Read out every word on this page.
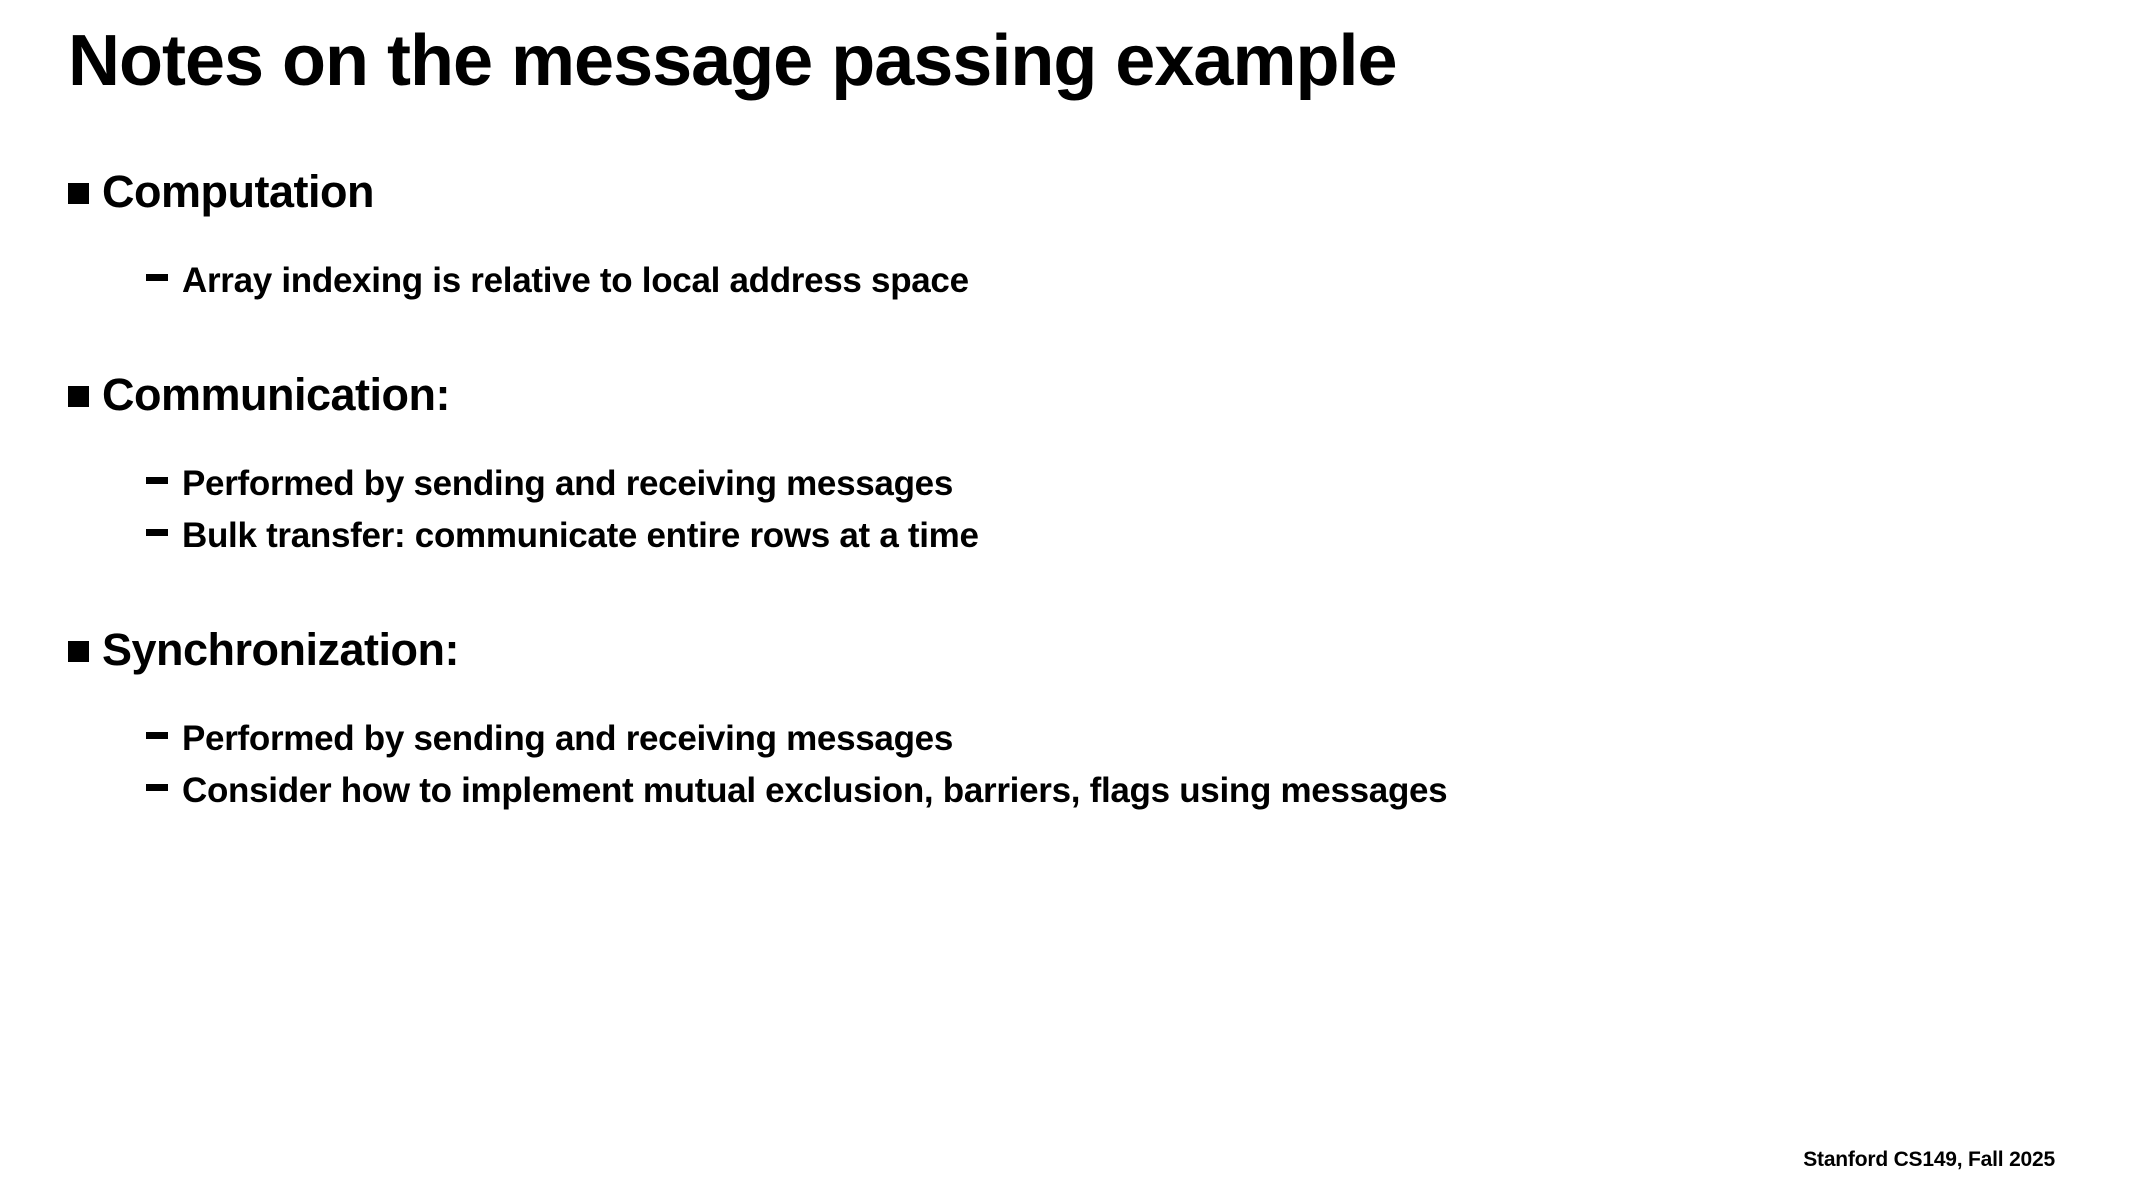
Notes on the message passing example
Computation
Array indexing is relative to local address space
Communication:
Performed by sending and receiving messages
Bulk transfer: communicate entire rows at a time
Synchronization:
Performed by sending and receiving messages
Consider how to implement mutual exclusion, barriers, flags using messages
Stanford CS149, Fall 2025
